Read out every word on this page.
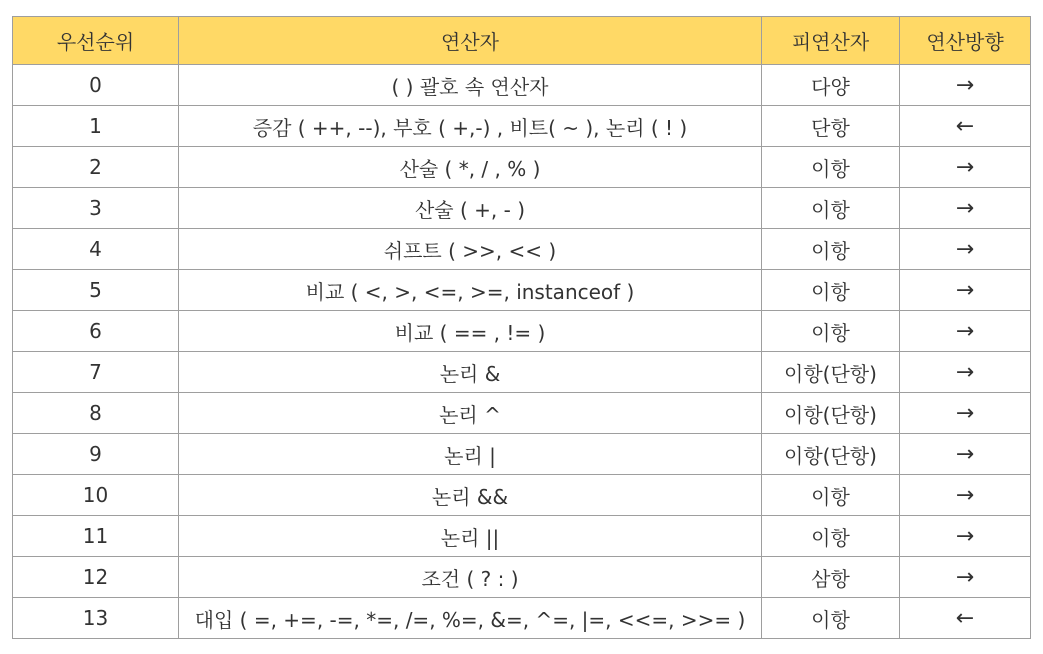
우선순위	연산자	피연산자	연산방향
0	( ) 괄호 속 연산자	다양	→
1	증감 ( ++, --), 부호 ( +,-) , 비트( ~ ), 논리 ( ! )	단항	←
2	산술 ( *, / , % )	이항	→
3	산술 ( +, - )	이항	→
4	쉬프트 ( >>, << )	이항	→
5	비교 ( <, >, <=, >=, instanceof )	이항	→
6	비교 ( == , != )	이항	→
7	논리 &	이항(단항)	→
8	논리 ^	이항(단항)	→
9	논리 |	이항(단항)	→
10	논리 &&	이항	→
11	논리 ||	이항	→
12	조건 ( ? : )	삼항	→
13	대입 ( =, +=, -=, *=, /=, %=, &=, ^=, |=, <<=, >>= )	이항	←
